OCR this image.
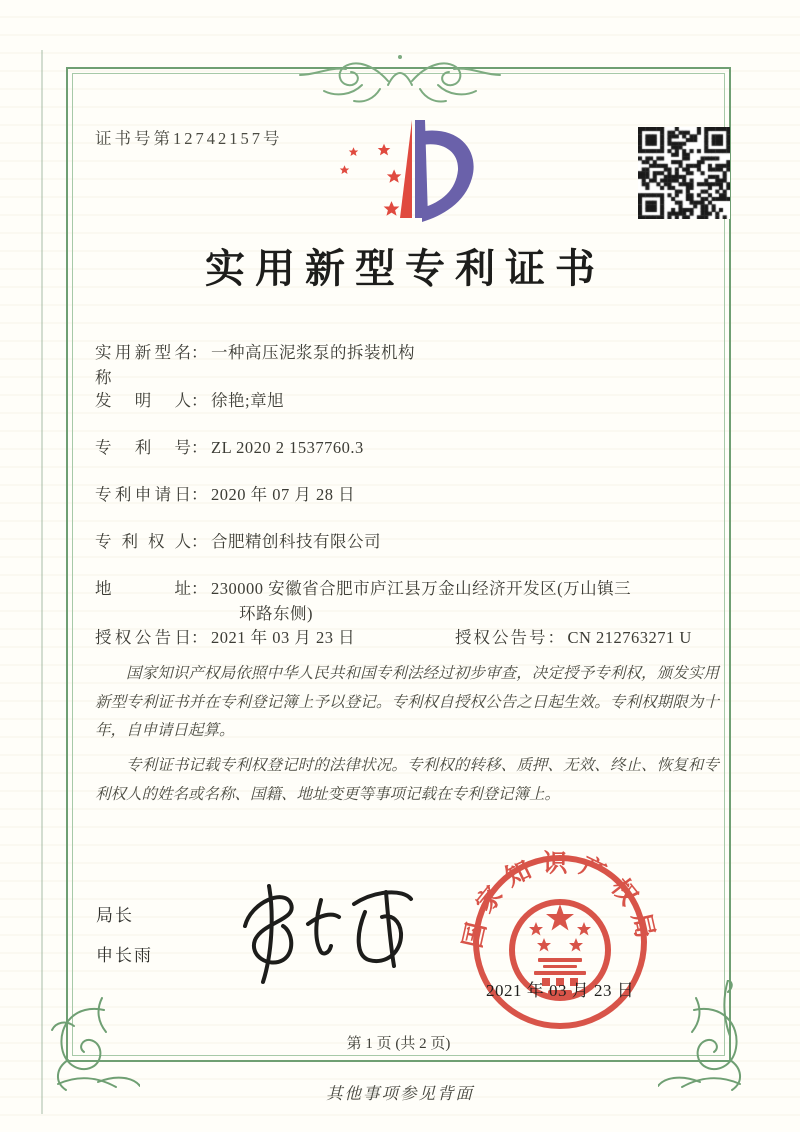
证书号第12742157号
实用新型专利证书
实用新型名称： 一种高压泥浆泵的拆装机构
发明人： 徐艳;章旭
专利号： ZL 2020 2 1537760.3
专利申请日： 2020 年 07 月 28 日
专利权人： 合肥精创科技有限公司
地址： 230000 安徽省合肥市庐江县万金山经济开发区(万山镇三
环路东侧)
授权公告日： 2021 年 03 月 23 日	授权公告号： CN 212763271 U

国家知识产权局依照中华人民共和国专利法经过初步审查，决定授予专利权，颁发实用新型专利证书并在专利登记簿上予以登记。专利权自授权公告之日起生效。专利权期限为十年，自申请日起算。

专利证书记载专利权登记时的法律状况。专利权的转移、质押、无效、终止、恢复和专利权人的姓名或名称、国籍、地址变更等事项记载在专利登记簿上。

局长
申长雨
国家知识产权局
2021 年 03 月 23 日
第 1 页 (共 2 页)
其他事项参见背面
